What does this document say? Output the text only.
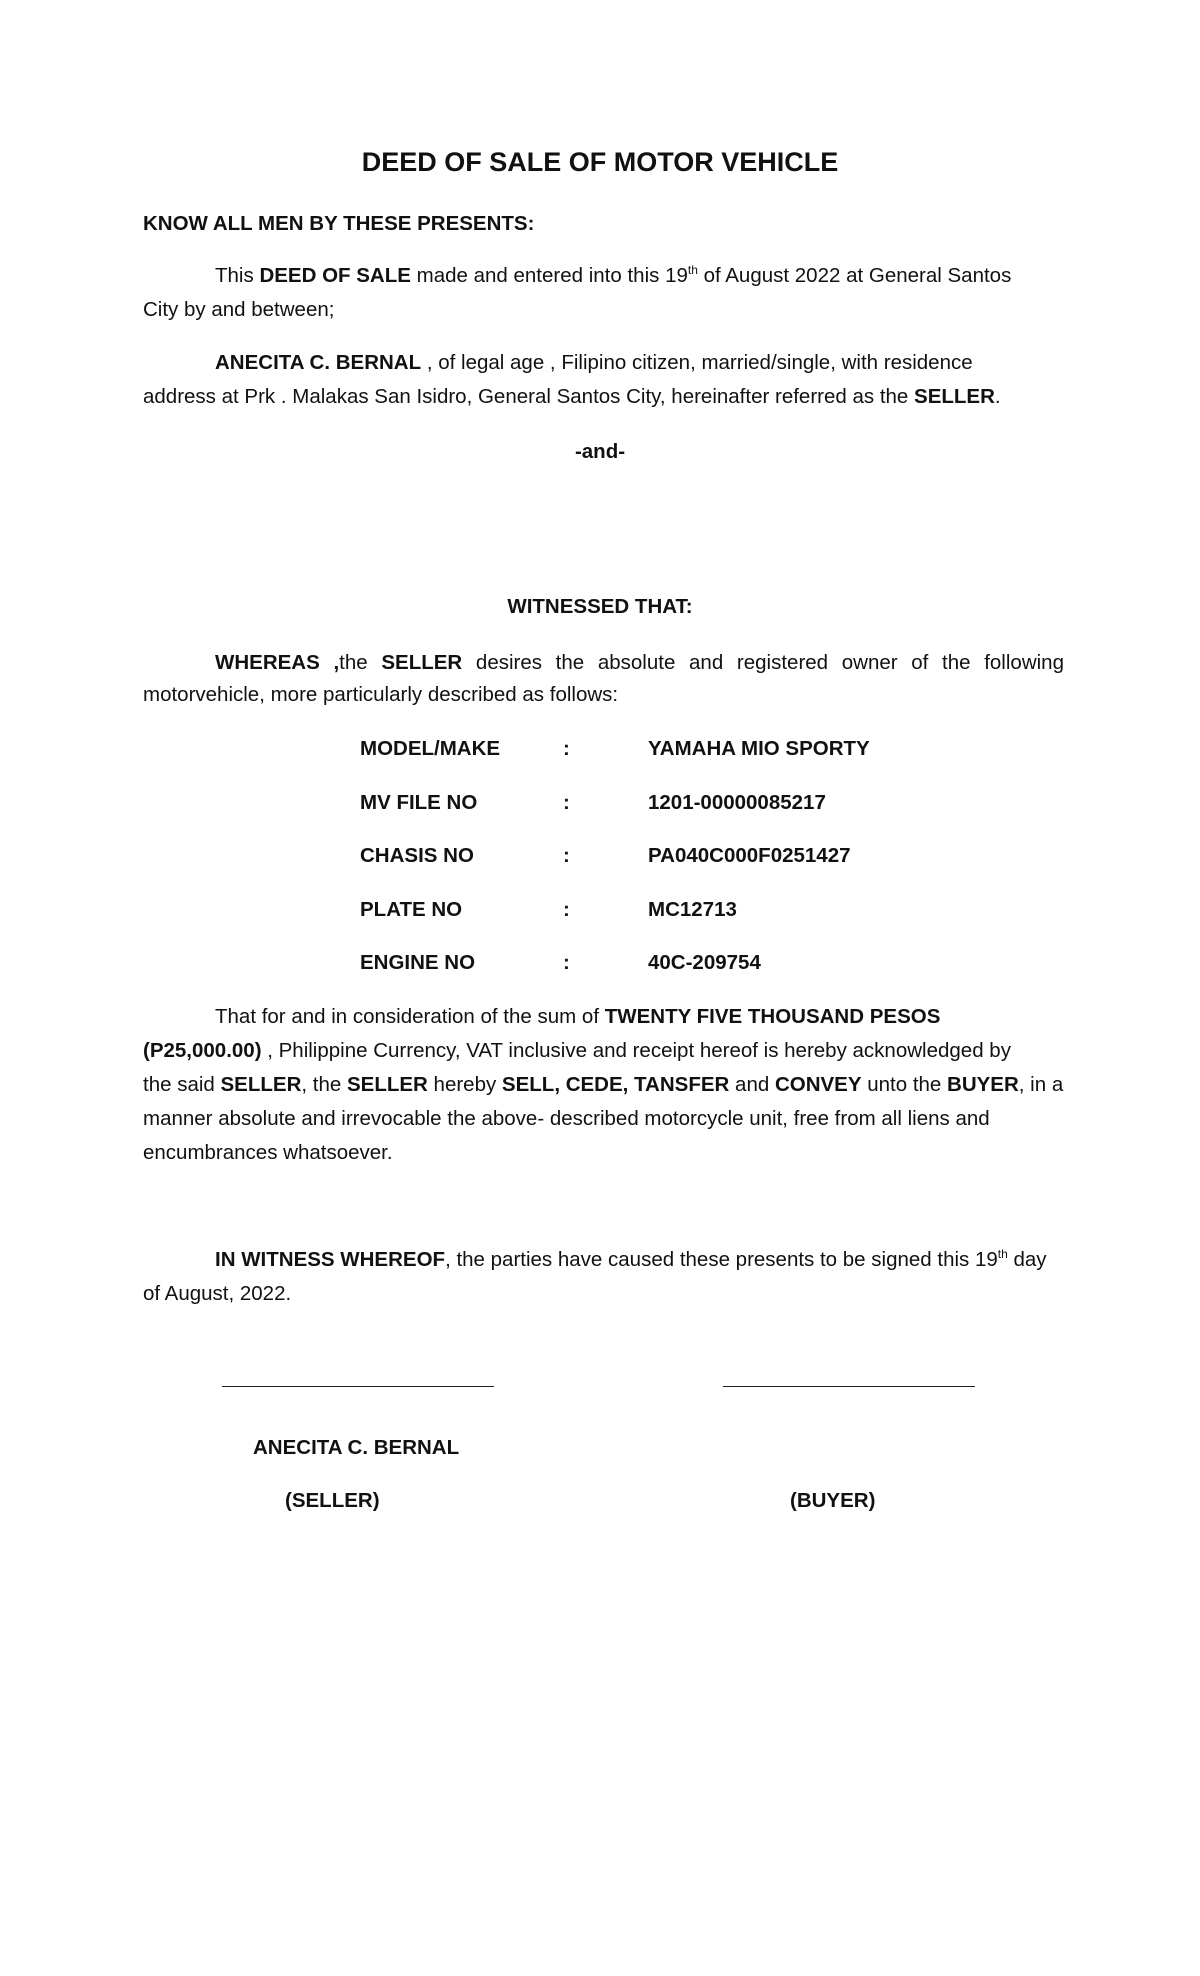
DEED OF SALE OF MOTOR VEHICLE
KNOW ALL MEN BY THESE PRESENTS:
This DEED OF SALE made and entered into this 19th of August 2022 at General Santos
City by and between;
ANECITA C. BERNAL , of legal age , Filipino citizen, married/single, with residence
address at Prk . Malakas San Isidro, General Santos City, hereinafter referred as the SELLER.
-and-
WITNESSED THAT:
WHEREAS ,the SELLER desires the absolute and registered owner of the following
motorvehicle, more particularly described as follows:
MODEL/MAKE	:	YAMAHA MIO SPORTY
MV FILE NO	:	1201-00000085217
CHASIS NO	:	PA040C000F0251427
PLATE NO	:	MC12713
ENGINE NO	:	40C-209754
That for and in consideration of the sum of TWENTY FIVE THOUSAND PESOS
(P25,000.00) , Philippine Currency, VAT inclusive and receipt hereof is hereby acknowledged by
the said SELLER, the SELLER hereby SELL, CEDE, TANSFER and CONVEY unto the BUYER, in a
manner absolute and irrevocable the above- described motorcycle unit, free from all liens and
encumbrances whatsoever.
IN WITNESS WHEREOF, the parties have caused these presents to be signed this 19th day
of August, 2022.
ANECITA C. BERNAL
(SELLER)	(BUYER)
